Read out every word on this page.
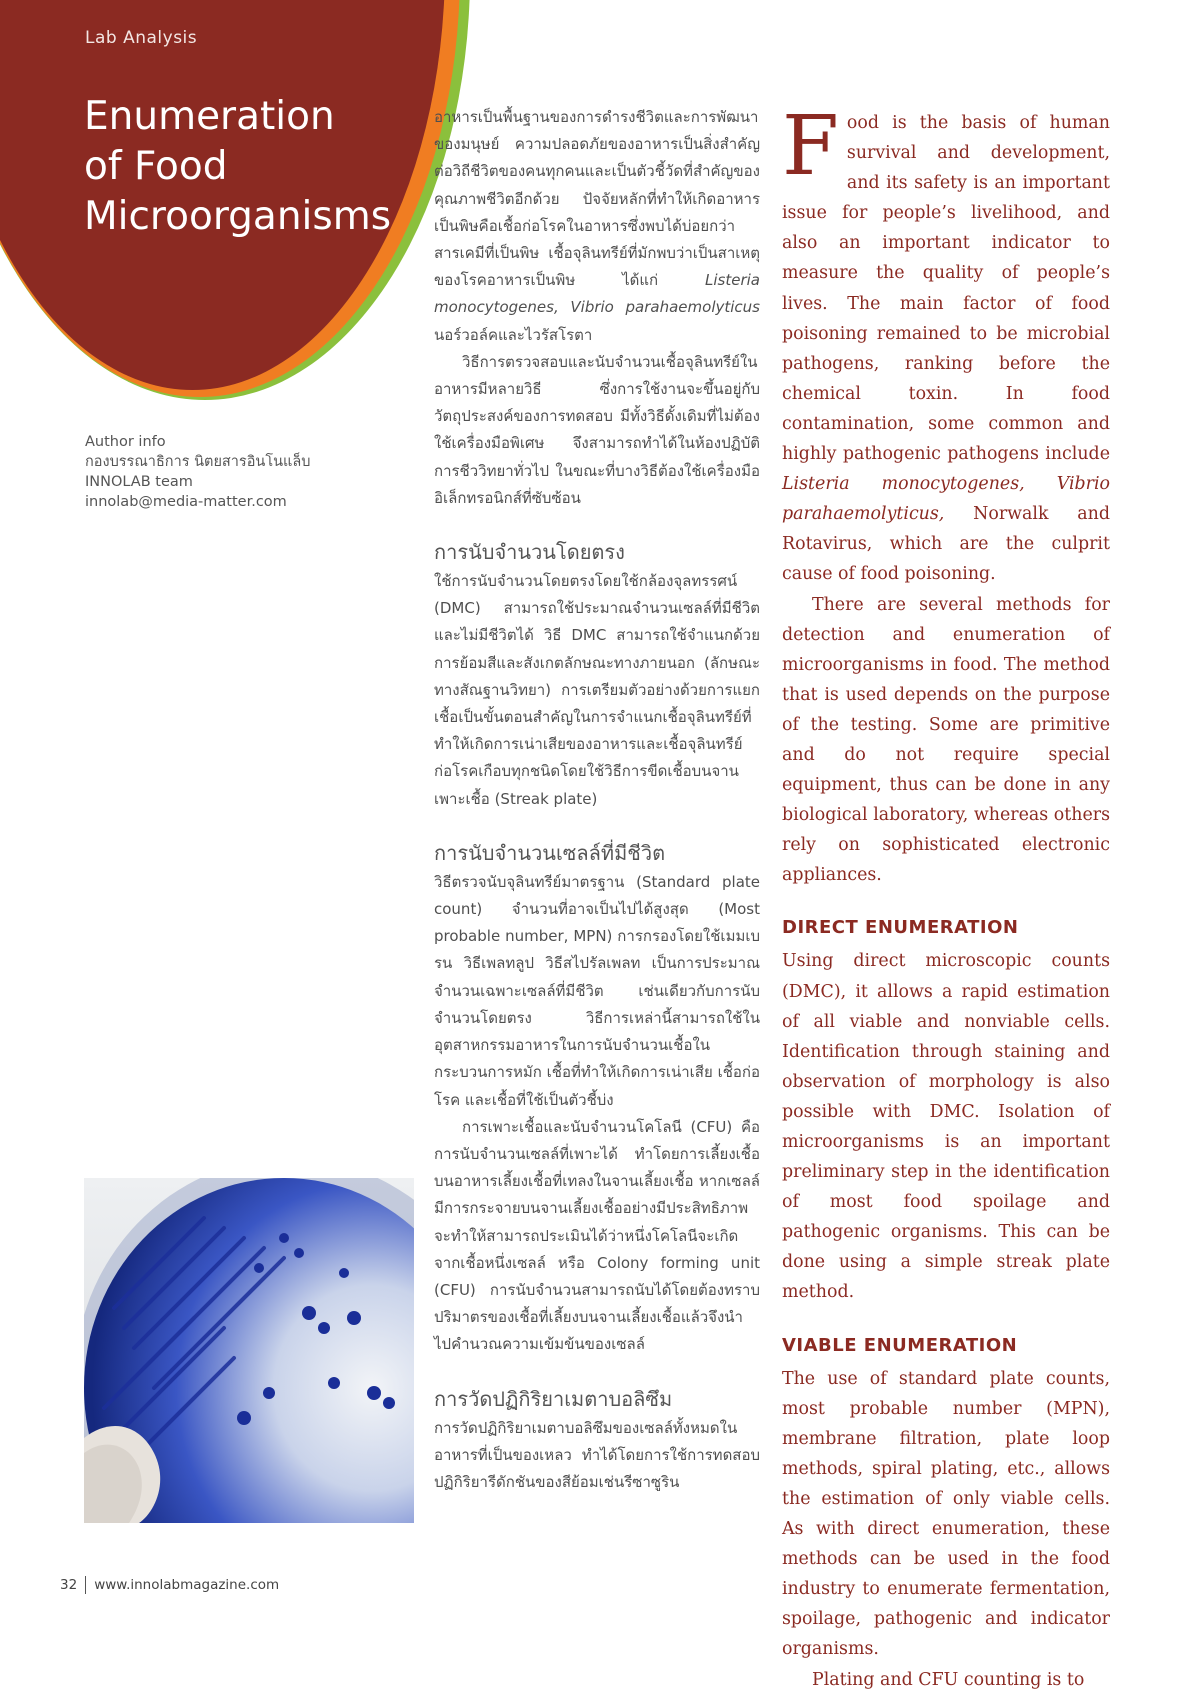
Lab Analysis
Enumeration
of Food
Microorganisms
Author info
กองบรรณาธิการ นิตยสารอินโนแล็บ
INNOLAB team
innolab@media-matter.com

อาหารเป็นพื้นฐานของการดำรงชีวิตและการพัฒนาของมนุษย์ ความปลอดภัยของอาหารเป็นสิ่งสำคัญต่อวิถีชีวิตของคนทุกคนและเป็นตัวชี้วัดที่สำคัญของคุณภาพชีวิตอีกด้วย ปัจจัยหลักที่ทำให้เกิดอาหารเป็นพิษคือเชื้อก่อโรคในอาหารซึ่งพบได้บ่อยกว่าสารเคมีที่เป็นพิษ เชื้อจุลินทรีย์ที่มักพบว่าเป็นสาเหตุของโรคอาหารเป็นพิษ ได้แก่	Listeria monocytogenes, Vibrio parahaemolyticus นอร์วอล์คและไวรัสโรตา

วิธีการตรวจสอบและนับจำนวนเชื้อจุลินทรีย์ในอาหารมีหลายวิธี ซึ่งการใช้งานจะขึ้นอยู่กับวัตถุประสงค์ของการทดสอบ มีทั้งวิธีดั้งเดิมที่ไม่ต้องใช้เครื่องมือพิเศษ จึงสามารถทำได้ในห้องปฏิบัติการชีววิทยาทั่วไป ในขณะที่บางวิธีต้องใช้เครื่องมืออิเล็กทรอนิกส์ที่ซับซ้อน

การนับจำนวนโดยตรง

ใช้การนับจำนวนโดยตรงโดยใช้กล้องจุลทรรศน์ (DMC) สามารถใช้ประมาณจำนวนเซลล์ที่มีชีวิตและไม่มีชีวิตได้ วิธี DMC สามารถใช้จำแนกด้วยการย้อมสีและสังเกตลักษณะทางภายนอก (ลักษณะทางสัณฐานวิทยา) การเตรียมตัวอย่างด้วยการแยกเชื้อเป็นขั้นตอนสำคัญในการจำแนกเชื้อจุลินทรีย์ที่ทำให้เกิดการเน่าเสียของอาหารและเชื้อจุลินทรีย์ก่อโรคเกือบทุกชนิดโดยใช้วิธีการขีดเชื้อบนจานเพาะเชื้อ (Streak plate)

การนับจำนวนเซลล์ที่มีชีวิต

วิธีตรวจนับจุลินทรีย์มาตรฐาน (Standard plate count) จำนวนที่อาจเป็นไปได้สูงสุด (Most probable number, MPN) การกรองโดยใช้เมมเบรน วิธีเพลทลูป วิธีสไปรัลเพลท เป็นการประมาณจำนวนเฉพาะเซลล์ที่มีชีวิต เช่นเดียวกับการนับจำนวนโดยตรง วิธีการเหล่านี้สามารถใช้ในอุตสาหกรรมอาหารในการนับจำนวนเชื้อในกระบวนการหมัก เชื้อที่ทำให้เกิดการเน่าเสีย เชื้อก่อโรค และเชื้อที่ใช้เป็นตัวชี้บ่ง

การเพาะเชื้อและนับจำนวนโคโลนี (CFU) คือ การนับจำนวนเซลล์ที่เพาะได้ ทำโดยการเลี้ยงเชื้อบนอาหารเลี้ยงเชื้อที่เทลงในจานเลี้ยงเชื้อ หากเซลล์มีการกระจายบนจานเลี้ยงเชื้ออย่างมีประสิทธิภาพจะทำให้สามารถประเมินได้ว่าหนึ่งโคโลนีจะเกิดจากเชื้อหนึ่งเซลล์ หรือ Colony forming unit (CFU) การนับจำนวนสามารถนับได้โดยต้องทราบปริมาตรของเชื้อที่เลี้ยงบนจานเลี้ยงเชื้อแล้วจึงนำไปคำนวณความเข้มข้นของเซลล์

การวัดปฏิกิริยาเมตาบอลิซึม

การวัดปฏิกิริยาเมตาบอลิซึมของเซลล์ทั้งหมดในอาหารที่เป็นของเหลว ทำได้โดยการใช้การทดสอบปฏิกิริยารีดักชันของสีย้อมเช่นรีซาซูริน

Food is the basis of human survival and development, and its safety is an important issue for people’s livelihood, and also an important indicator to measure the quality of people’s lives. The main factor of food poisoning remained to be microbial pathogens, ranking before the chemical toxin. In food contamination, some common and highly pathogenic pathogens include Listeria monocytogenes, Vibrio parahaemolyticus, Norwalk and Rotavirus, which are the culprit cause of food poisoning.

There are several methods for detection and enumeration of microorganisms in food. The method that is used depends on the purpose of the testing. Some are primitive and do not require special equipment, thus can be done in any biological laboratory, whereas others rely on sophisticated electronic appliances.

DIRECT ENUMERATION

Using direct microscopic counts (DMC), it allows a rapid estimation of all viable and nonviable cells. Identification through staining and observation of morphology is also possible with DMC. Isolation of microorganisms is an important preliminary step in the identification of most food spoilage and pathogenic organisms. This can be done using a simple streak plate method.

VIABLE ENUMERATION

The use of standard plate counts, most probable number (MPN), membrane filtration, plate loop methods, spiral plating, etc., allows the estimation of only viable cells. As with direct enumeration, these methods can be used in the food industry to enumerate fermentation, spoilage, pathogenic and indicator organisms.

Plating and CFU counting is to

32 www.innolabmagazine.com
